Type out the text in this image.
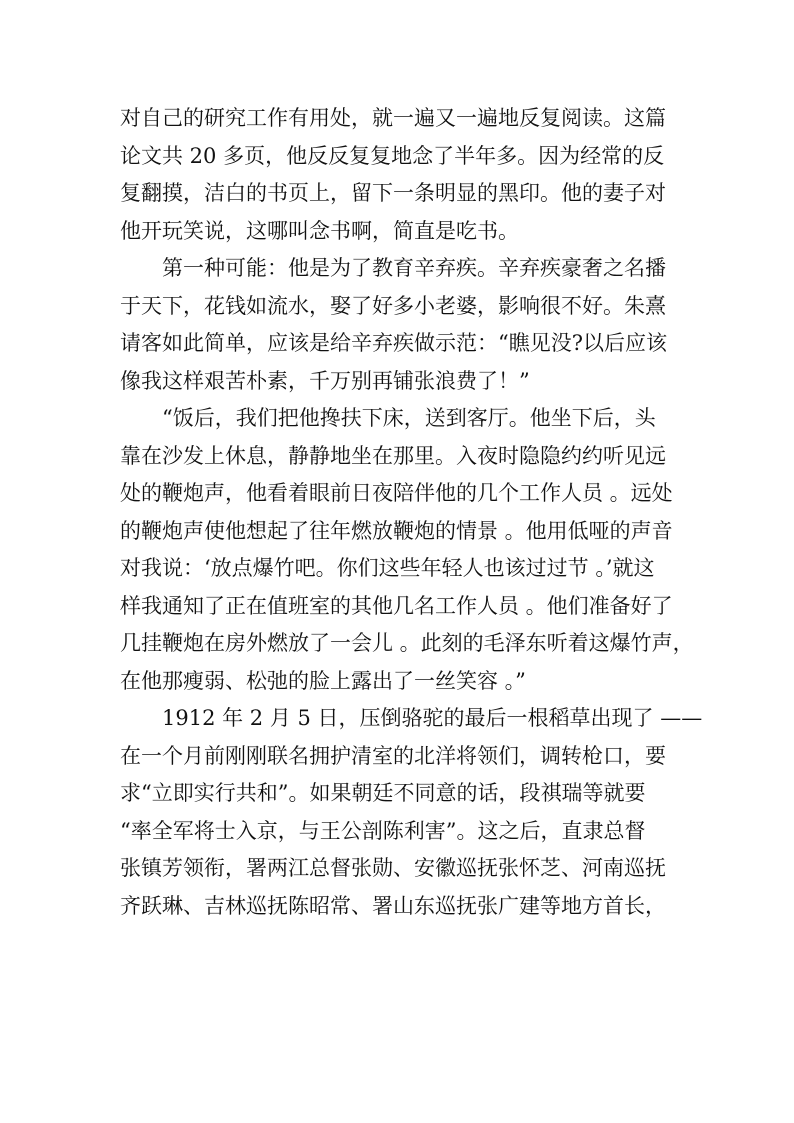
对自己的研究工作有用处，就一遍又一遍地反复阅读。这篇
论文共 20 多页，他反反复复地念了半年多。因为经常的反
复翻摸，洁白的书页上，留下一条明显的黑印。他的妻子对
他开玩笑说，这哪叫念书啊，简直是吃书。
　　第一种可能：他是为了教育辛弃疾。辛弃疾豪奢之名播
于天下，花钱如流水，娶了好多小老婆，影响很不好。朱熹
请客如此简单，应该是给辛弃疾做示范：“瞧见没?以后应该
像我这样艰苦朴素，千万别再铺张浪费了！”
　　“饭后，我们把他搀扶下床，送到客厅。他坐下后，头
靠在沙发上休息，静静地坐在那里。入夜时隐隐约约听见远
处的鞭炮声，他看着眼前日夜陪伴他的几个工作人员 。远处
的鞭炮声使他想起了往年燃放鞭炮的情景 。他用低哑的声音
对我说：‘放点爆竹吧。你们这些年轻人也该过过节 。’就这
样我通知了正在值班室的其他几名工作人员 。他们准备好了
几挂鞭炮在房外燃放了一会儿 。此刻的毛泽东听着这爆竹声，
在他那瘦弱、松弛的脸上露出了一丝笑容 。”
　　1912 年 2 月 5 日，压倒骆驼的最后一根稻草出现了 ——
在一个月前刚刚联名拥护清室的北洋将领们，调转枪口，要
求“立即实行共和”。如果朝廷不同意的话，段祺瑞等就要
“率全军将士入京，与王公剖陈利害”。这之后，直隶总督
张镇芳领衔，署两江总督张勋、安徽巡抚张怀芝、河南巡抚
齐跃琳、吉林巡抚陈昭常、署山东巡抚张广建等地方首长，
